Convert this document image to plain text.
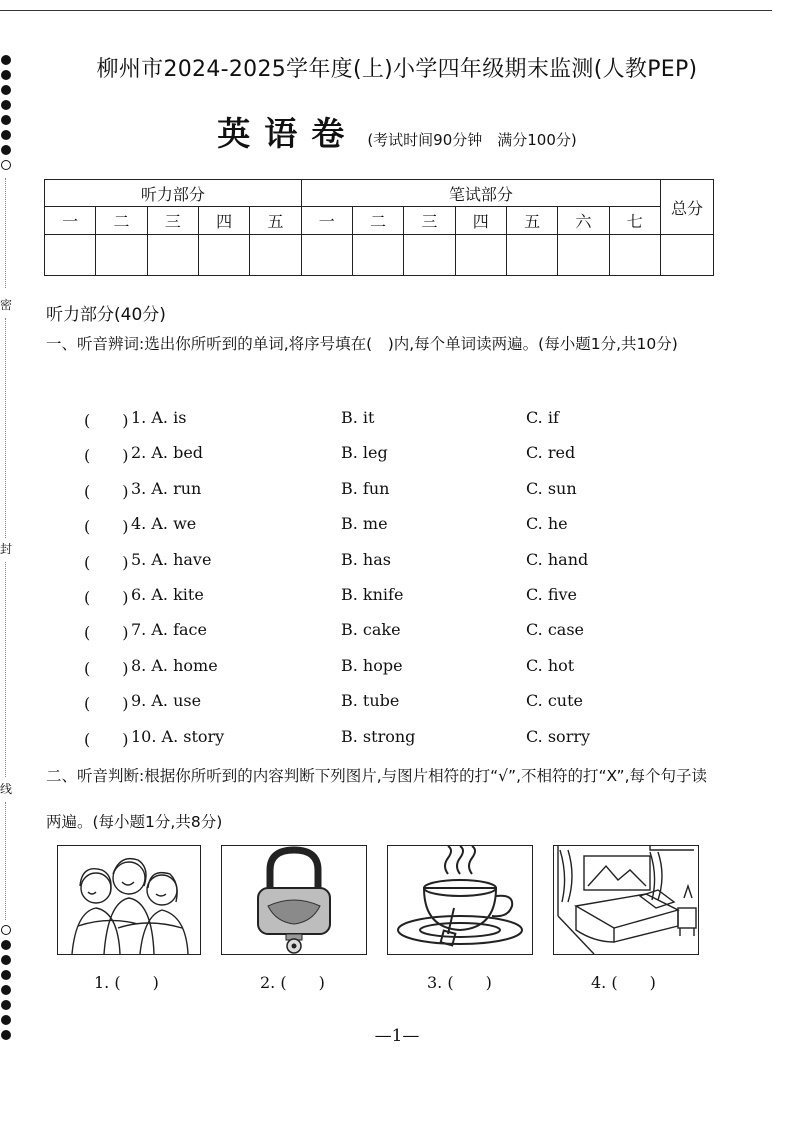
密
封
线
柳州市2024-2025学年度(上)小学四年级期末监测(人教PEP)
英语卷 (考试时间90分钟　满分100分)
听力部分					笔试部分							总分
一	二	三	四	五	一	二	三	四	五	六	七	

听力部分(40分)
一、听音辨词:选出你所听到的单词,将序号填在(　)内,每个单词读两遍。(每小题1分,共10分)
(　　) 1. A. is	B. it	C. if
(　　) 2. A. bed	B. leg	C. red
(　　) 3. A. run	B. fun	C. sun
(　　) 4. A. we	B. me	C. he
(　　) 5. A. have	B. has	C. hand
(　　) 6. A. kite	B. knife	C. five
(　　) 7. A. face	B. cake	C. case
(　　) 8. A. home	B. hope	C. hot
(　　) 9. A. use	B. tube	C. cute
(　　) 10. A. story	B. strong	C. sorry
二、听音判断:根据你所听到的内容判断下列图片,与图片相符的打“√”,不相符的打“X”,每个句子读两遍。(每小题1分,共8分)
1. (　　)	2. (　　)	3. (　　)	4. (　　)
—1—
